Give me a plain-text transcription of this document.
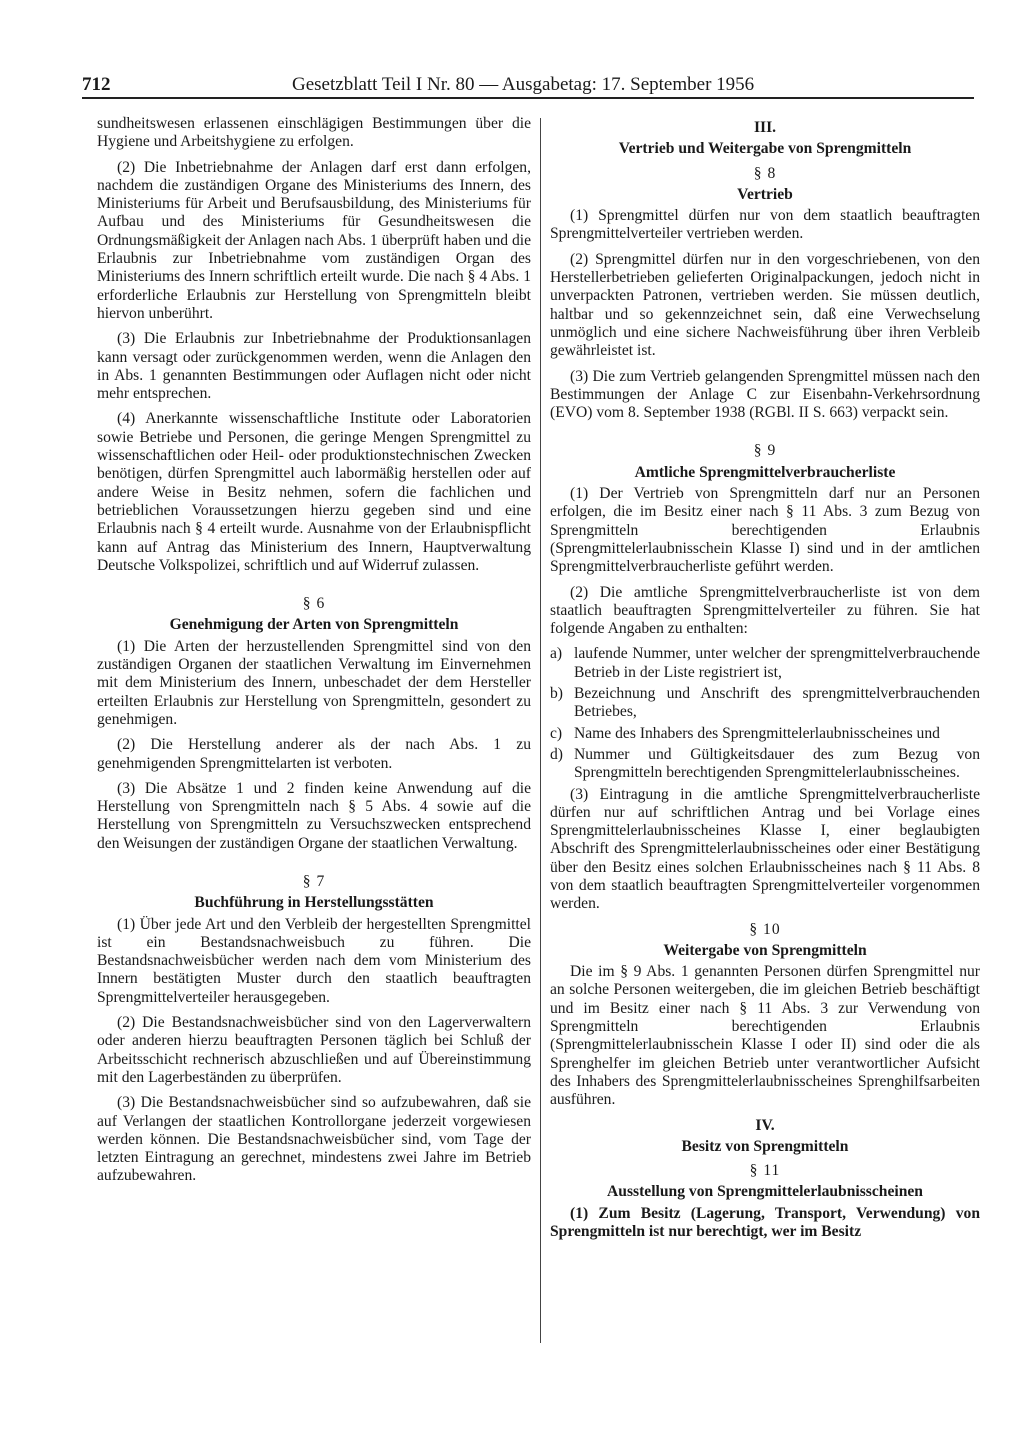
712	Gesetzblatt Teil I Nr. 80 — Ausgabetag: 17. September 1956

sundheitswesen erlassenen einschlägigen Bestimmungen über die Hygiene und Arbeitshygiene zu erfolgen.

(2) Die Inbetriebnahme der Anlagen darf erst dann erfolgen, nachdem die zuständigen Organe des Ministeriums des Innern, des Ministeriums für Arbeit und Berufsausbildung, des Ministeriums für Aufbau und des Ministeriums für Gesundheitswesen die Ordnungsmäßigkeit der Anlagen nach Abs. 1 überprüft haben und die Erlaubnis zur Inbetriebnahme vom zuständigen Organ des Ministeriums des Innern schriftlich erteilt wurde. Die nach § 4 Abs. 1 erforderliche Erlaubnis zur Herstellung von Sprengmitteln bleibt hiervon unberührt.

(3) Die Erlaubnis zur Inbetriebnahme der Produktionsanlagen kann versagt oder zurückgenommen werden, wenn die Anlagen den in Abs. 1 genannten Bestimmungen oder Auflagen nicht oder nicht mehr entsprechen.

(4) Anerkannte wissenschaftliche Institute oder Laboratorien sowie Betriebe und Personen, die geringe Mengen Sprengmittel zu wissenschaftlichen oder Heil- oder produktionstechnischen Zwecken benötigen, dürfen Sprengmittel auch labormäßig herstellen oder auf andere Weise in Besitz nehmen, sofern die fachlichen und betrieblichen Voraussetzungen hierzu gegeben sind und eine Erlaubnis nach § 4 erteilt wurde. Ausnahme von der Erlaubnispflicht kann auf Antrag das Ministerium des Innern, Hauptverwaltung Deutsche Volkspolizei, schriftlich und auf Widerruf zulassen.

§ 6
Genehmigung der Arten von Sprengmitteln

(1) Die Arten der herzustellenden Sprengmittel sind von den zuständigen Organen der staatlichen Verwaltung im Einvernehmen mit dem Ministerium des Innern, unbeschadet der dem Hersteller erteilten Erlaubnis zur Herstellung von Sprengmitteln, gesondert zu genehmigen.

(2) Die Herstellung anderer als der nach Abs. 1 zu genehmigenden Sprengmittelarten ist verboten.

(3) Die Absätze 1 und 2 finden keine Anwendung auf die Herstellung von Sprengmitteln nach § 5 Abs. 4 sowie auf die Herstellung von Sprengmitteln zu Versuchszwecken entsprechend den Weisungen der zuständigen Organe der staatlichen Verwaltung.

§ 7
Buchführung in Herstellungsstätten

(1) Über jede Art und den Verbleib der hergestellten Sprengmittel ist ein Bestandsnachweisbuch zu führen. Die Bestandsnachweisbücher werden nach dem vom Ministerium des Innern bestätigten Muster durch den staatlich beauftragten Sprengmittelverteiler herausgegeben.

(2) Die Bestandsnachweisbücher sind von den Lagerverwaltern oder anderen hierzu beauftragten Personen täglich bei Schluß der Arbeitsschicht rechnerisch abzuschließen und auf Übereinstimmung mit den Lagerbeständen zu überprüfen.

(3) Die Bestandsnachweisbücher sind so aufzubewahren, daß sie auf Verlangen der staatlichen Kontrollorgane jederzeit vorgewiesen werden können. Die Bestandsnachweisbücher sind, vom Tage der letzten Eintragung an gerechnet, mindestens zwei Jahre im Betrieb aufzubewahren.

III.
Vertrieb und Weitergabe von Sprengmitteln
§ 8
Vertrieb

(1) Sprengmittel dürfen nur von dem staatlich beauftragten Sprengmittelverteiler vertrieben werden.

(2) Sprengmittel dürfen nur in den vorgeschriebenen, von den Herstellerbetrieben gelieferten Originalpackungen, jedoch nicht in unverpackten Patronen, vertrieben werden. Sie müssen deutlich, haltbar und so gekennzeichnet sein, daß eine Verwechselung unmöglich und eine sichere Nachweisführung über ihren Verbleib gewährleistet ist.

(3) Die zum Vertrieb gelangenden Sprengmittel müssen nach den Bestimmungen der Anlage C zur Eisenbahn-Verkehrsordnung (EVO) vom 8. September 1938 (RGBl. II S. 663) verpackt sein.

§ 9
Amtliche Sprengmittelverbraucherliste

(1) Der Vertrieb von Sprengmitteln darf nur an Personen erfolgen, die im Besitz einer nach § 11 Abs. 3 zum Bezug von Sprengmitteln berechtigenden Erlaubnis (Sprengmittelerlaubnisschein Klasse I) sind und in der amtlichen Sprengmittelverbraucherliste geführt werden.

(2) Die amtliche Sprengmittelverbraucherliste ist von dem staatlich beauftragten Sprengmittelverteiler zu führen. Sie hat folgende Angaben zu enthalten:

a) laufende Nummer, unter welcher der sprengmittelverbrauchende Betrieb in der Liste registriert ist,
b) Bezeichnung und Anschrift des sprengmittelverbrauchenden Betriebes,
c) Name des Inhabers des Sprengmittelerlaubnisscheines und
d) Nummer und Gültigkeitsdauer des zum Bezug von Sprengmitteln berechtigenden Sprengmittelerlaubnisscheines.

(3) Eintragung in die amtliche Sprengmittelverbraucherliste dürfen nur auf schriftlichen Antrag und bei Vorlage eines Sprengmittelerlaubnisscheines Klasse I, einer beglaubigten Abschrift des Sprengmittelerlaubnisscheines oder einer Bestätigung über den Besitz eines solchen Erlaubnisscheines nach § 11 Abs. 8 von dem staatlich beauftragten Sprengmittelverteiler vorgenommen werden.

§ 10
Weitergabe von Sprengmitteln

Die im § 9 Abs. 1 genannten Personen dürfen Sprengmittel nur an solche Personen weitergeben, die im gleichen Betrieb beschäftigt und im Besitz einer nach § 11 Abs. 3 zur Verwendung von Sprengmitteln berechtigenden Erlaubnis (Sprengmittelerlaubnisschein Klasse I oder II) sind oder die als Sprenghelfer im gleichen Betrieb unter verantwortlicher Aufsicht des Inhabers des Sprengmittelerlaubnisscheines Sprenghilfsarbeiten ausführen.

IV.
Besitz von Sprengmitteln
§ 11
Ausstellung von Sprengmittelerlaubnisscheinen

(1) Zum Besitz (Lagerung, Transport, Verwendung) von Sprengmitteln ist nur berechtigt, wer im Besitz
